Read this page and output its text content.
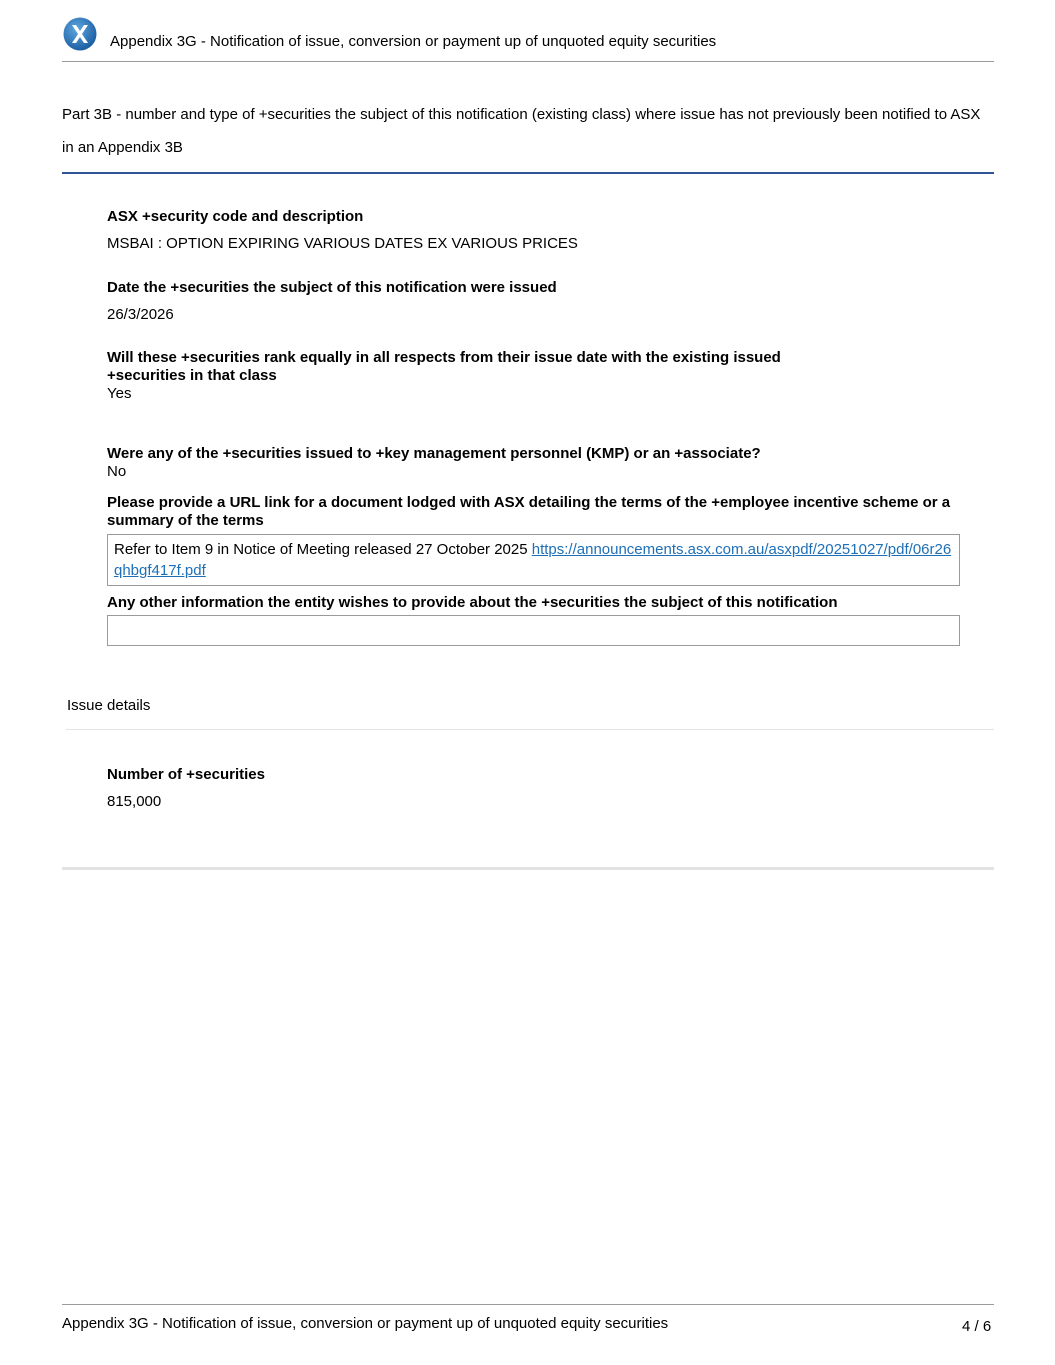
Appendix 3G - Notification of issue, conversion or payment up of unquoted equity securities
Part 3B - number and type of +securities the subject of this notification (existing class) where issue has not previously been notified to ASX in an Appendix 3B
ASX +security code and description
MSBAI : OPTION EXPIRING VARIOUS DATES EX VARIOUS PRICES
Date the +securities the subject of this notification were issued
26/3/2026
Will these +securities rank equally in all respects from their issue date with the existing issued +securities in that class
Yes
Were any of the +securities issued to +key management personnel (KMP) or an +associate?
No
Please provide a URL link for a document lodged with ASX detailing the terms of the +employee incentive scheme or a summary of the terms
Refer to Item 9 in Notice of Meeting released 27 October 2025 https://announcements.asx.com.au/asxpdf/20251027/pdf/06r26qhbgf417f.pdf
Any other information the entity wishes to provide about the +securities the subject of this notification
Issue details
Number of +securities
815,000
Appendix 3G - Notification of issue, conversion or payment up of unquoted equity securities	4 / 6
